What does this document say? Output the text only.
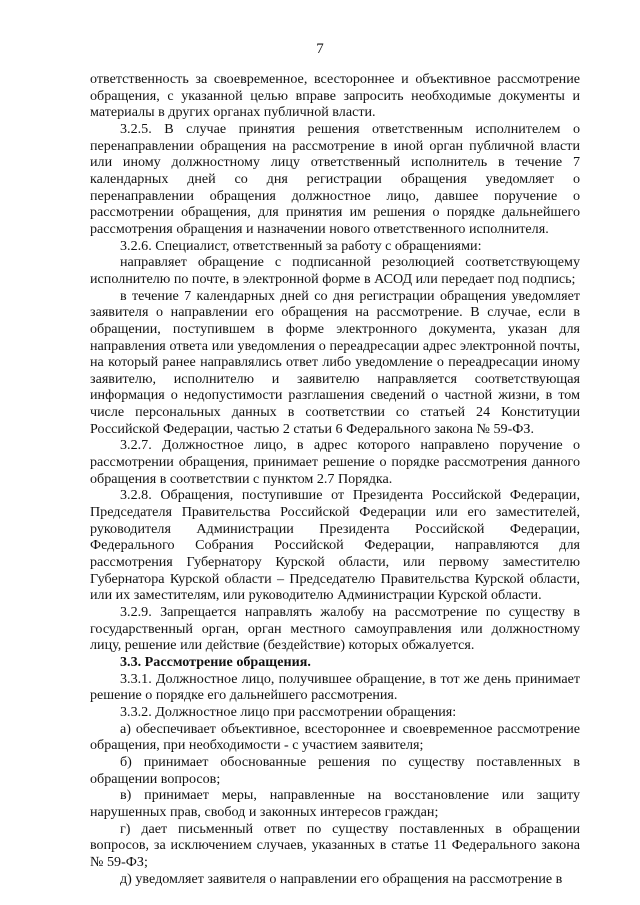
7

ответственность за своевременное, всестороннее и объективное рассмотрение обращения, с указанной целью вправе запросить необходимые документы и материалы в других органах публичной власти.

3.2.5. В случае принятия решения ответственным исполнителем о перенаправлении обращения на рассмотрение в иной орган публичной власти или иному должностному лицу ответственный исполнитель в течение 7 календарных дней со дня регистрации обращения уведомляет о перенаправлении обращения должностное лицо, давшее поручение о рассмотрении обращения, для принятия им решения о порядке дальнейшего рассмотрения обращения и назначении нового ответственного исполнителя.

3.2.6. Специалист, ответственный за работу с обращениями:

направляет обращение с подписанной резолюцией соответствующему исполнителю по почте, в электронной форме в АСОД или передает под подпись;

в течение 7 календарных дней со дня регистрации обращения уведомляет заявителя о направлении его обращения на рассмотрение. В случае, если в обращении, поступившем в форме электронного документа, указан для направления ответа или уведомления о переадресации адрес электронной почты, на который ранее направлялись ответ либо уведомление о переадресации иному заявителю, исполнителю и заявителю направляется соответствующая информация о недопустимости разглашения сведений о частной жизни, в том числе персональных данных в соответствии со статьей 24 Конституции Российской Федерации, частью 2 статьи 6 Федерального закона № 59-ФЗ.

3.2.7. Должностное лицо, в адрес которого направлено поручение о рассмотрении обращения, принимает решение о порядке рассмотрения данного обращения в соответствии с пунктом 2.7 Порядка.

3.2.8. Обращения, поступившие от Президента Российской Федерации, Председателя Правительства Российской Федерации или его заместителей, руководителя Администрации Президента Российской Федерации, Федерального Собрания Российской Федерации, направляются для рассмотрения Губернатору Курской области, или первому заместителю Губернатора Курской области – Председателю Правительства Курской области, или их заместителям, или руководителю Администрации Курской области.

3.2.9. Запрещается направлять жалобу на рассмотрение по существу в государственный орган, орган местного самоуправления или должностному лицу, решение или действие (бездействие) которых обжалуется.

3.3. Рассмотрение обращения.

3.3.1. Должностное лицо, получившее обращение, в тот же день принимает решение о порядке его дальнейшего рассмотрения.

3.3.2. Должностное лицо при рассмотрении обращения:

а) обеспечивает объективное, всестороннее и своевременное рассмотрение обращения, при необходимости - с участием заявителя;

б) принимает обоснованные решения по существу поставленных в обращении вопросов;

в) принимает меры, направленные на восстановление или защиту нарушенных прав, свобод и законных интересов граждан;

г) дает письменный ответ по существу поставленных в обращении вопросов, за исключением случаев, указанных в статье 11 Федерального закона № 59-ФЗ;

д) уведомляет заявителя о направлении его обращения на рассмотрение в
